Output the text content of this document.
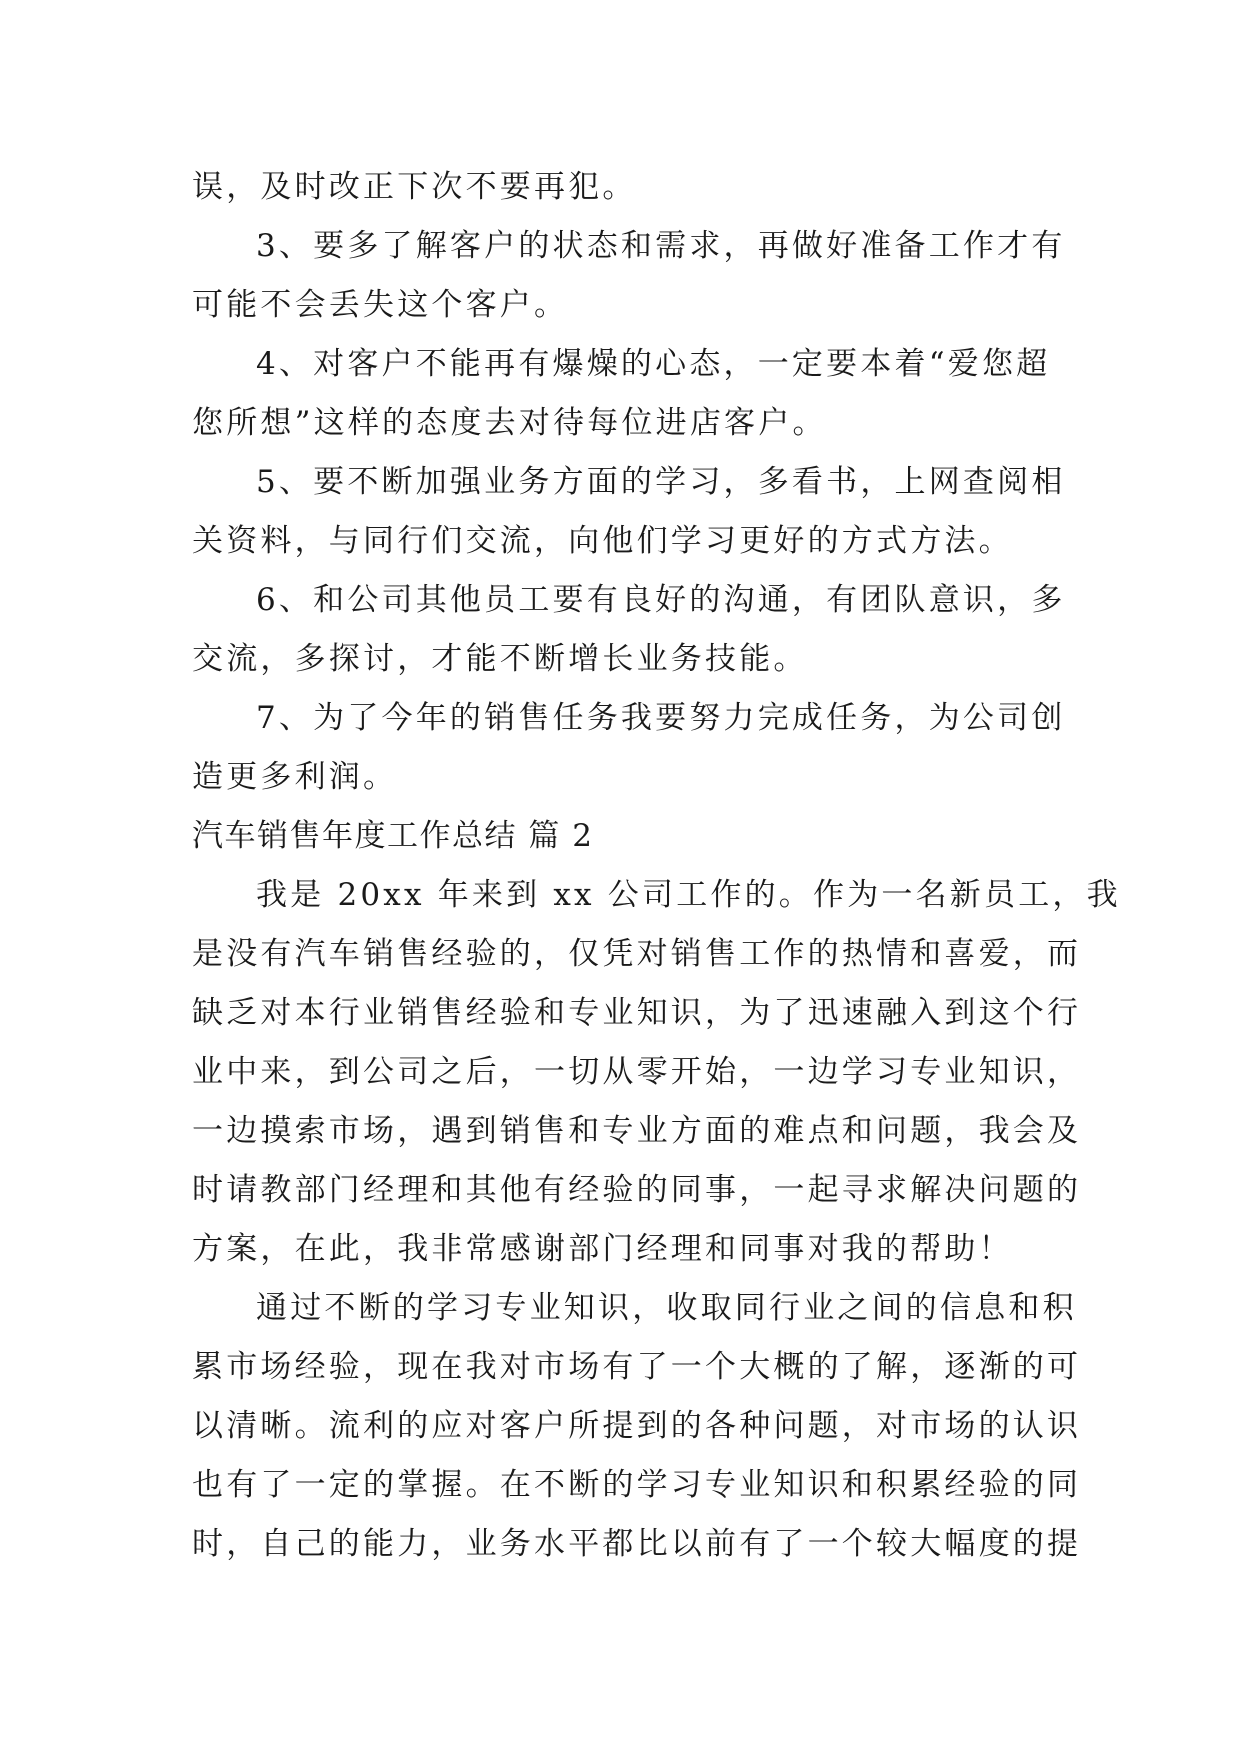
误，及时改正下次不要再犯。
3、要多了解客户的状态和需求，再做好准备工作才有
可能不会丢失这个客户。
4、对客户不能再有爆燥的心态，一定要本着“爱您超
您所想”这样的态度去对待每位进店客户。
5、要不断加强业务方面的学习，多看书，上网查阅相
关资料，与同行们交流，向他们学习更好的方式方法。
6、和公司其他员工要有良好的沟通，有团队意识，多
交流，多探讨，才能不断增长业务技能。
7、为了今年的销售任务我要努力完成任务，为公司创
造更多利润。
汽车销售年度工作总结 篇 2
我是 20xx 年来到 xx 公司工作的。作为一名新员工，我
是没有汽车销售经验的，仅凭对销售工作的热情和喜爱，而
缺乏对本行业销售经验和专业知识，为了迅速融入到这个行
业中来，到公司之后，一切从零开始，一边学习专业知识，
一边摸索市场，遇到销售和专业方面的难点和问题，我会及
时请教部门经理和其他有经验的同事，一起寻求解决问题的
方案，在此，我非常感谢部门经理和同事对我的帮助！
通过不断的学习专业知识，收取同行业之间的信息和积
累市场经验，现在我对市场有了一个大概的了解，逐渐的可
以清晰。流利的应对客户所提到的各种问题，对市场的认识
也有了一定的掌握。在不断的学习专业知识和积累经验的同
时，自己的能力，业务水平都比以前有了一个较大幅度的提
